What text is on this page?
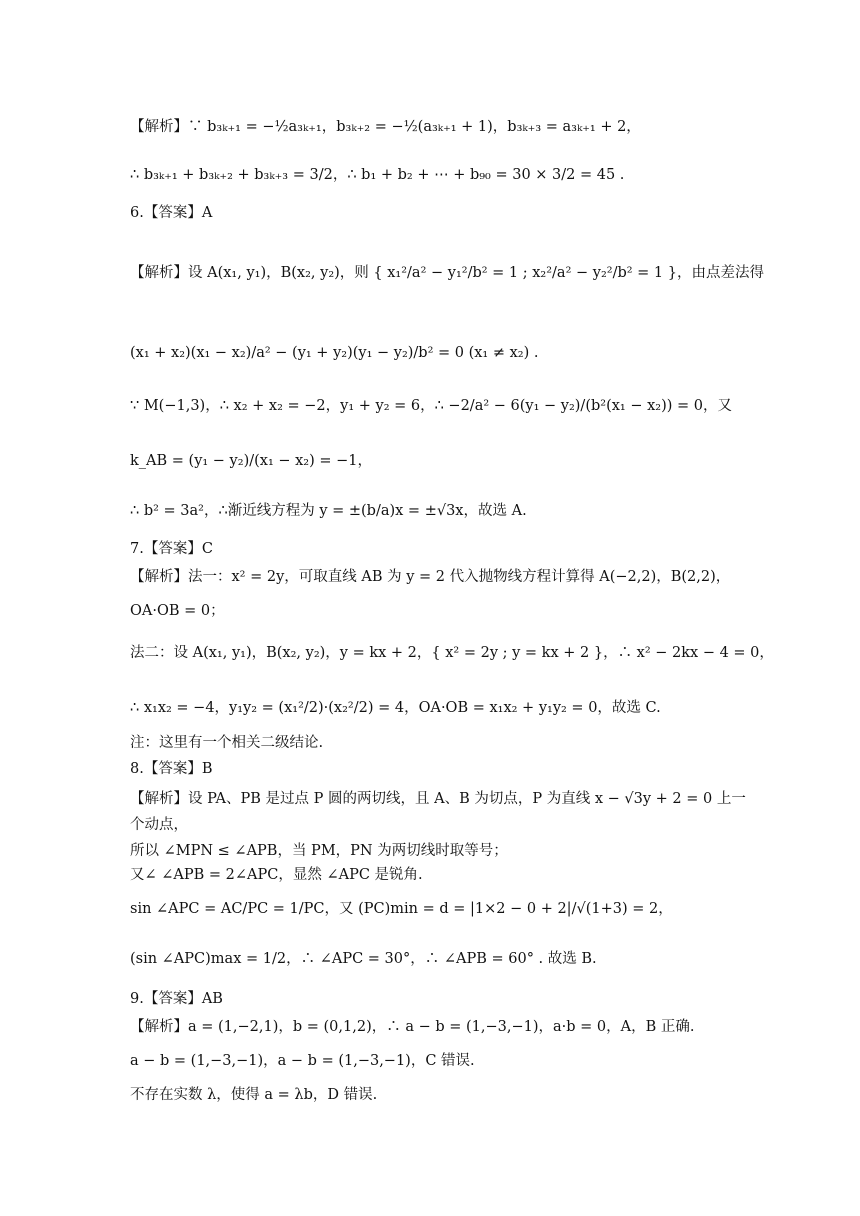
【解析】∵ b₃ₖ₊₁ = −½a₃ₖ₊₁，b₃ₖ₊₂ = −½(a₃ₖ₊₁ + 1)，b₃ₖ₊₃ = a₃ₖ₊₁ + 2，
∴ b₃ₖ₊₁ + b₃ₖ₊₂ + b₃ₖ₊₃ = 3/2，∴ b₁ + b₂ + ⋯ + b₉₀ = 30 × 3/2 = 45 .
6.【答案】A
【解析】设 A(x₁, y₁)，B(x₂, y₂)，则 { x₁²/a² − y₁²/b² = 1 ; x₂²/a² − y₂²/b² = 1 }，由点差法得
(x₁ + x₂)(x₁ − x₂)/a² − (y₁ + y₂)(y₁ − y₂)/b² = 0 (x₁ ≠ x₂) .
∵ M(−1,3)，∴ x₂ + x₂ = −2，y₁ + y₂ = 6，∴ −2/a² − 6(y₁ − y₂)/(b²(x₁ − x₂)) = 0，又
k_AB = (y₁ − y₂)/(x₁ − x₂) = −1，
∴ b² = 3a²，∴渐近线方程为 y = ±(b/a)x = ±√3x，故选 A.
7.【答案】C
【解析】法一：x² = 2y，可取直线 AB 为 y = 2 代入抛物线方程计算得 A(−2,2)，B(2,2)，
OA·OB = 0；
法二：设 A(x₁, y₁)，B(x₂, y₂)，y = kx + 2，{ x² = 2y ; y = kx + 2 }，∴ x² − 2kx − 4 = 0，
∴ x₁x₂ = −4，y₁y₂ = (x₁²/2)·(x₂²/2) = 4，OA·OB = x₁x₂ + y₁y₂ = 0，故选 C.
注：这里有一个相关二级结论.
8.【答案】B
【解析】设 PA、PB 是过点 P 圆的两切线，且 A、B 为切点，P 为直线 x − √3y + 2 = 0 上一
个动点，
所以 ∠MPN ≤ ∠APB，当 PM，PN 为两切线时取等号；
又∠ ∠APB = 2∠APC，显然 ∠APC 是锐角.
sin ∠APC = AC/PC = 1/PC，又 (PC)min = d = |1×2 − 0 + 2|/√(1+3) = 2，
(sin ∠APC)max = 1/2，∴ ∠APC = 30°，∴ ∠APB = 60° . 故选 B.
9.【答案】AB
【解析】a = (1,−2,1)，b = (0,1,2)，∴ a − b = (1,−3,−1)，a·b = 0，A，B 正确.
a − b = (1,−3,−1)，a − b = (1,−3,−1)，C 错误.
不存在实数 λ，使得 a = λb，D 错误.
